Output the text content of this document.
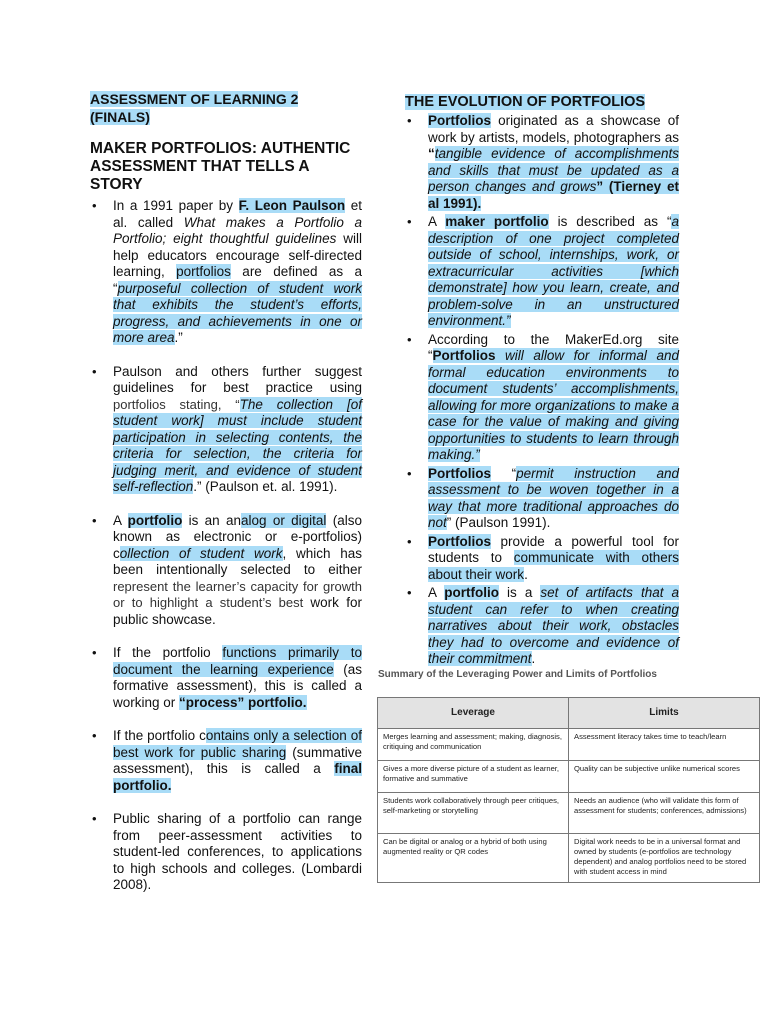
ASSESSMENT OF LEARNING 2 (FINALS)

MAKER PORTFOLIOS: AUTHENTIC ASSESSMENT THAT TELLS A STORY

• In a 1991 paper by F. Leon Paulson et al. called What makes a Portfolio a Portfolio; eight thoughtful guidelines will help educators encourage self-directed learning, portfolios are defined as a “purposeful collection of student work that exhibits the student’s efforts, progress, and achievements in one or more area.”
• Paulson and others further suggest guidelines for best practice using portfolios stating, “The collection [of student work] must include student participation in selecting contents, the criteria for selection, the criteria for judging merit, and evidence of student self-reflection.” (Paulson et. al. 1991).
• A portfolio is an analog or digital (also known as electronic or e-portfolios) collection of student work, which has been intentionally selected to either represent the learner’s capacity for growth or to highlight a student’s best work for public showcase.
• If the portfolio functions primarily to document the learning experience (as formative assessment), this is called a working or “process” portfolio.
• If the portfolio contains only a selection of best work for public sharing (summative assessment), this is called a final portfolio.
• Public sharing of a portfolio can range from peer-assessment activities to student-led conferences, to applications to high schools and colleges. (Lombardi 2008).

THE EVOLUTION OF PORTFOLIOS

• Portfolios originated as a showcase of work by artists, models, photographers as “tangible evidence of accomplishments and skills that must be updated as a person changes and grows” (Tierney et al 1991).
• A maker portfolio is described as “a description of one project completed outside of school, internships, work, or extracurricular activities [which demonstrate] how you learn, create, and problem-solve in an unstructured environment.”
• According to the MakerEd.org site “Portfolios will allow for informal and formal education environments to document students’ accomplishments, allowing for more organizations to make a case for the value of making and giving opportunities to students to learn through making.”
• Portfolios “permit instruction and assessment to be woven together in a way that more traditional approaches do not” (Paulson 1991).
• Portfolios provide a powerful tool for students to communicate with others about their work.
• A portfolio is a set of artifacts that a student can refer to when creating narratives about their work, obstacles they had to overcome and evidence of their commitment.
Summary of the Leveraging Power and Limits of Portfolios
Leverage	Limits
Merges learning and assessment; making, diagnosis, critiquing and communication	Assessment literacy takes time to teach/learn
Gives a more diverse picture of a student as learner, formative and summative	Quality can be subjective unlike numerical scores
Students work collaboratively through peer critiques, self-marketing or storytelling	Needs an audience (who will validate this form of assessment for students; conferences, admissions)
Can be digital or analog or a hybrid of both using augmented reality or QR codes	Digital work needs to be in a universal format and owned by students (e-portfolios are technology dependent) and analog portfolios need to be stored with student access in mind
